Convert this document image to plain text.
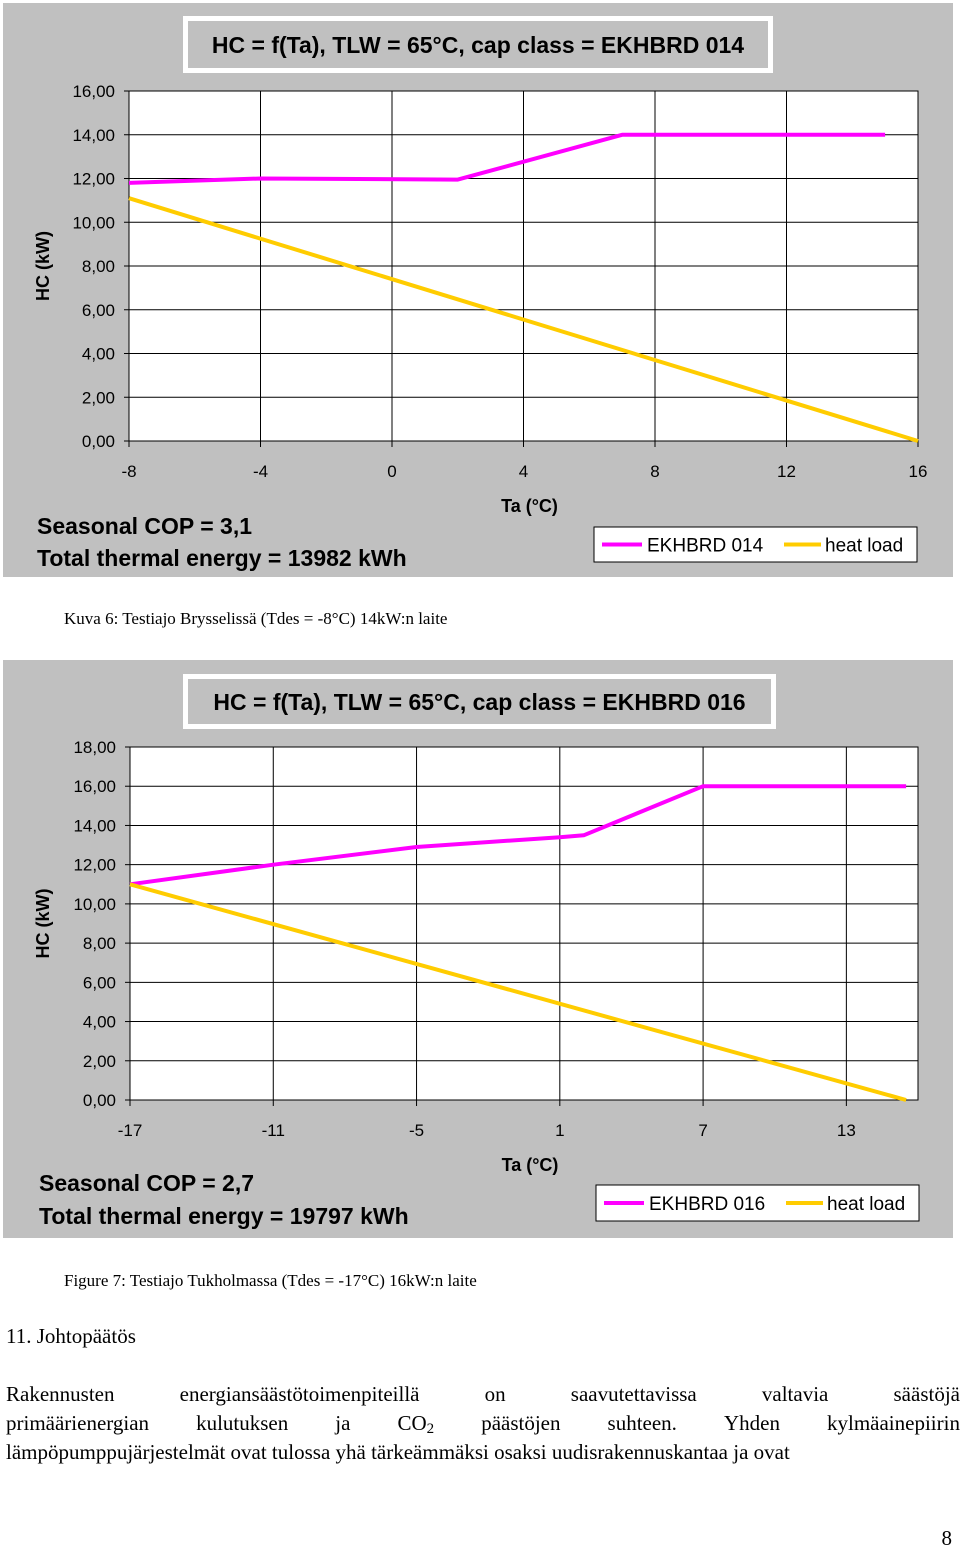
HC = f(Ta), TLW = 65°C, cap class = EKHBRD 014
0,00
2,00
4,00
6,00
8,00
10,00
12,00
14,00
16,00
-8	-4	0	4	8	12	16
Ta (°C)
HC (kW)
Seasonal COP = 3,1
Total thermal energy = 13982 kWh	EKHBRD 014	heat load
Kuva 6: Testiajo Brysselissä (Tdes = -8°C) 14kW:n laite
HC = f(Ta), TLW = 65°C, cap class = EKHBRD 016
0,00
2,00
4,00
6,00
8,00
10,00
12,00
14,00
16,00
18,00
-17	-11	-5	1	7	13
Ta (°C)
HC (kW)
Seasonal COP = 2,7
Total thermal energy = 19797 kWh	EKHBRD 016	heat load
Figure 7: Testiajo Tukholmassa (Tdes = -17°C) 16kW:n laite
11. Johtopäätös
Rakennusten	energiansäästötoimenpiteillä	on	saavutettavissa	valtavia	säästöjä
primäärienergian kulutuksen ja CO2 päästöjen suhteen. Yhden kylmäainepiirin
lämpöpumppujärjestelmät ovat tulossa yhä tärkeämmäksi osaksi uudisrakennuskantaa ja ovat
8
